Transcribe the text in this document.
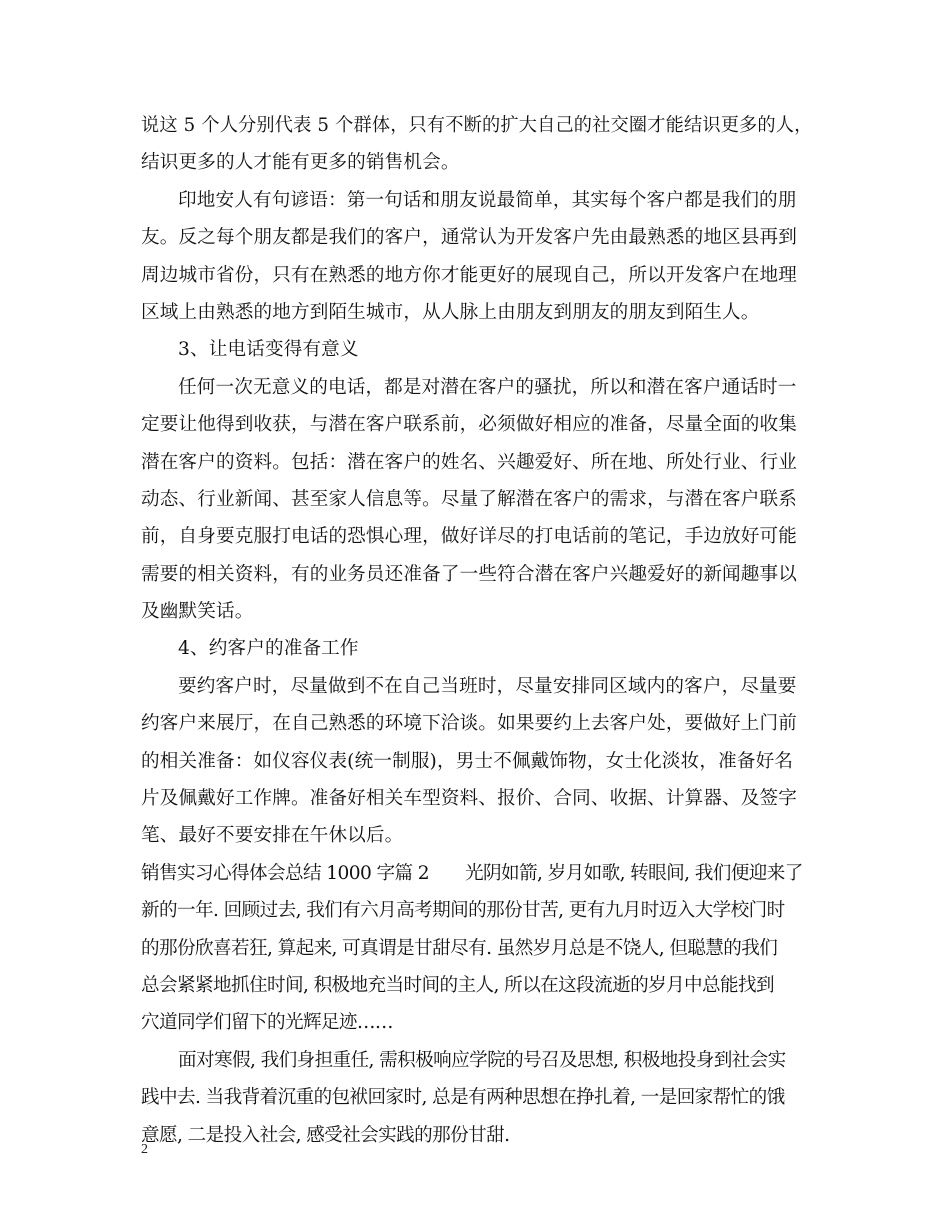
说这 5 个人分别代表 5 个群体，只有不断的扩大自己的社交圈才能结识更多的人，
结识更多的人才能有更多的销售机会。
印地安人有句谚语：第一句话和朋友说最简单，其实每个客户都是我们的朋
友。反之每个朋友都是我们的客户，通常认为开发客户先由最熟悉的地区县再到
周边城市省份，只有在熟悉的地方你才能更好的展现自己，所以开发客户在地理
区域上由熟悉的地方到陌生城市，从人脉上由朋友到朋友的朋友到陌生人。
3、让电话变得有意义
任何一次无意义的电话，都是对潜在客户的骚扰，所以和潜在客户通话时一
定要让他得到收获，与潜在客户联系前，必须做好相应的准备，尽量全面的收集
潜在客户的资料。包括：潜在客户的姓名、兴趣爱好、所在地、所处行业、行业
动态、行业新闻、甚至家人信息等。尽量了解潜在客户的需求，与潜在客户联系
前，自身要克服打电话的恐惧心理，做好详尽的打电话前的笔记，手边放好可能
需要的相关资料，有的业务员还准备了一些符合潜在客户兴趣爱好的新闻趣事以
及幽默笑话。
4、约客户的准备工作
要约客户时，尽量做到不在自己当班时，尽量安排同区域内的客户，尽量要
约客户来展厅，在自己熟悉的环境下洽谈。如果要约上去客户处，要做好上门前
的相关准备：如仪容仪表(统一制服)，男士不佩戴饰物，女士化淡妆，准备好名
片及佩戴好工作牌。准备好相关车型资料、报价、合同、收据、计算器、及签字
笔、最好不要安排在午休以后。
销售实习心得体会总结 1000 字篇 2　　光阴如箭, 岁月如歌, 转眼间, 我们便迎来了
新的一年. 回顾过去, 我们有六月高考期间的那份甘苦, 更有九月时迈入大学校门时
的那份欣喜若狂, 算起来, 可真谓是甘甜尽有. 虽然岁月总是不饶人, 但聪慧的我们
总会紧紧地抓住时间, 积极地充当时间的主人, 所以在这段流逝的岁月中总能找到
穴道同学们留下的光辉足迹……
面对寒假, 我们身担重任, 需积极响应学院的号召及思想, 积极地投身到社会实
践中去. 当我背着沉重的包袱回家时, 总是有两种思想在挣扎着, 一是回家帮忙的饿
意愿, 二是投入社会, 感受社会实践的那份甘甜.
2
